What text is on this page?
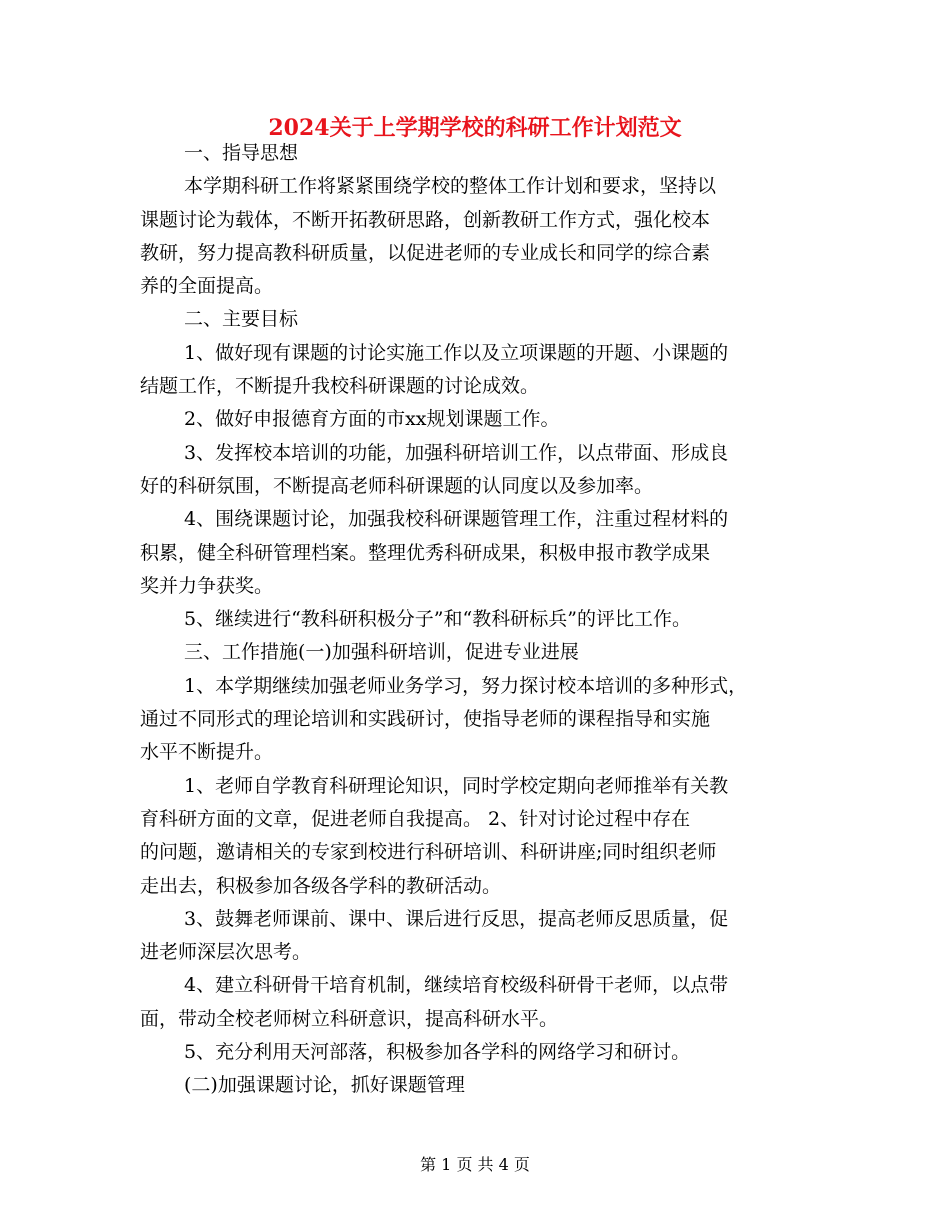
2024关于上学期学校的科研工作计划范文
一、指导思想
本学期科研工作将紧紧围绕学校的整体工作计划和要求，坚持以
课题讨论为载体，不断开拓教研思路，创新教研工作方式，强化校本
教研，努力提高教科研质量，以促进老师的专业成长和同学的综合素
养的全面提高。
二、主要目标
1、做好现有课题的讨论实施工作以及立项课题的开题、小课题的
结题工作，不断提升我校科研课题的讨论成效。
2、做好申报德育方面的市xx规划课题工作。
3、发挥校本培训的功能，加强科研培训工作，以点带面、形成良
好的科研氛围，不断提高老师科研课题的认同度以及参加率。
4、围绕课题讨论，加强我校科研课题管理工作，注重过程材料的
积累，健全科研管理档案。整理优秀科研成果，积极申报市教学成果
奖并力争获奖。
5、继续进行“教科研积极分子”和“教科研标兵”的评比工作。
三、工作措施(一)加强科研培训，促进专业进展
1、本学期继续加强老师业务学习，努力探讨校本培训的多种形式，
通过不同形式的理论培训和实践研讨，使指导老师的课程指导和实施
水平不断提升。
1、老师自学教育科研理论知识，同时学校定期向老师推举有关教
育科研方面的文章，促进老师自我提高。 2、针对讨论过程中存在
的问题，邀请相关的专家到校进行科研培训、科研讲座;同时组织老师
走出去，积极参加各级各学科的教研活动。
3、鼓舞老师课前、课中、课后进行反思，提高老师反思质量，促
进老师深层次思考。
4、建立科研骨干培育机制，继续培育校级科研骨干老师，以点带
面，带动全校老师树立科研意识，提高科研水平。
5、充分利用天河部落，积极参加各学科的网络学习和研讨。
(二)加强课题讨论，抓好课题管理
第 1 页 共 4 页
